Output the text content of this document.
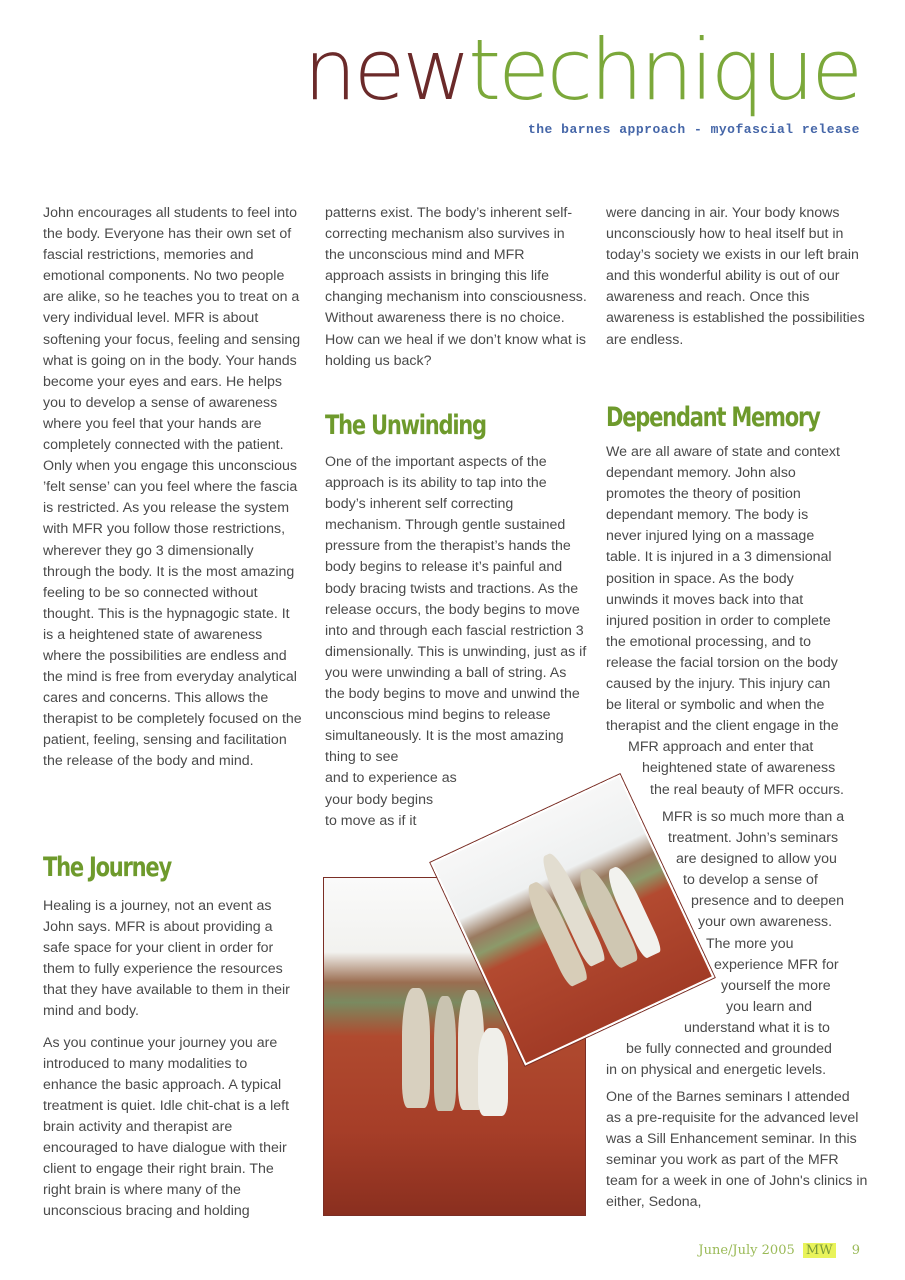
newtechnique
the barnes approach - myofascial release

John encourages all students to feel into the body. Everyone has their own set of fascial restrictions, memories and emotional components. No two people are alike, so he teaches you to treat on a very individual level. MFR is about softening your focus, feeling and sensing what is going on in the body. Your hands become your eyes and ears. He helps you to develop a sense of awareness where you feel that your hands are completely connected with the patient. Only when you engage this unconscious ’felt sense’ can you feel where the fascia is restricted. As you release the system with MFR you follow those restrictions, wherever they go 3 dimensionally through the body. It is the most amazing feeling to be so connected without thought. This is the hypnagogic state. It is a heightened state of awareness where the possibilities are endless and the mind is free from everyday analytical cares and concerns. This allows the therapist to be completely focused on the patient, feeling, sensing and facilitation the release of the body and mind.

The Journey

Healing is a journey, not an event as John says. MFR is about providing a safe space for your client in order for them to fully experience the resources that they have available to them in their mind and body.

As you continue your journey you are introduced to many modalities to enhance the basic approach. A typical treatment is quiet. Idle chit-chat is a left brain activity and therapist are encouraged to have dialogue with their client to engage their right brain. The right brain is where many of the unconscious bracing and holding

patterns exist. The body’s inherent self-correcting mechanism also survives in the unconscious mind and MFR approach assists in bringing this life changing mechanism into consciousness. Without awareness there is no choice. How can we heal if we don’t know what is holding us back?

The Unwinding

One of the important aspects of the approach is its ability to tap into the body’s inherent self correcting mechanism. Through gentle sustained pressure from the therapist’s hands the body begins to release it’s painful and body bracing twists and tractions. As the release occurs, the body begins to move into and through each fascial restriction 3 dimensionally. This is unwinding, just as if you were unwinding a ball of string. As the body begins to move and unwind the unconscious mind begins to release simultaneously. It is the most amazing thing to see

and to experience as
your body begins
to move as if it

were dancing in air. Your body knows unconsciously how to heal itself but in today’s society we exists in our left brain and this wonderful ability is out of our awareness and reach. Once this awareness is established the possibilities are endless.

Dependant Memory
We are all aware of state and context
dependant memory. John also
promotes the theory of position
dependant memory. The body is
never injured lying on a massage
table. It is injured in a 3 dimensional
position in space. As the body
unwinds it moves back into that
injured position in order to complete
the emotional processing, and to
release the facial torsion on the body
caused by the injury. This injury can
be literal or symbolic and when the
therapist and the client engage in the
MFR approach and enter that
heightened state of awareness
the real beauty of MFR occurs.
MFR is so much more than a
treatment. John’s seminars
are designed to allow you
to develop a sense of
presence and to deepen
your own awareness.
The more you
experience MFR for
yourself the more
you learn and
understand what it is to
be fully connected and grounded
in on physical and energetic levels.

One of the Barnes seminars I attended as a pre-requisite for the advanced level was a Sill Enhancement seminar. In this seminar you work as part of the MFR team for a week in one of John's clinics in either, Sedona,

June/July 2005 MW 9
